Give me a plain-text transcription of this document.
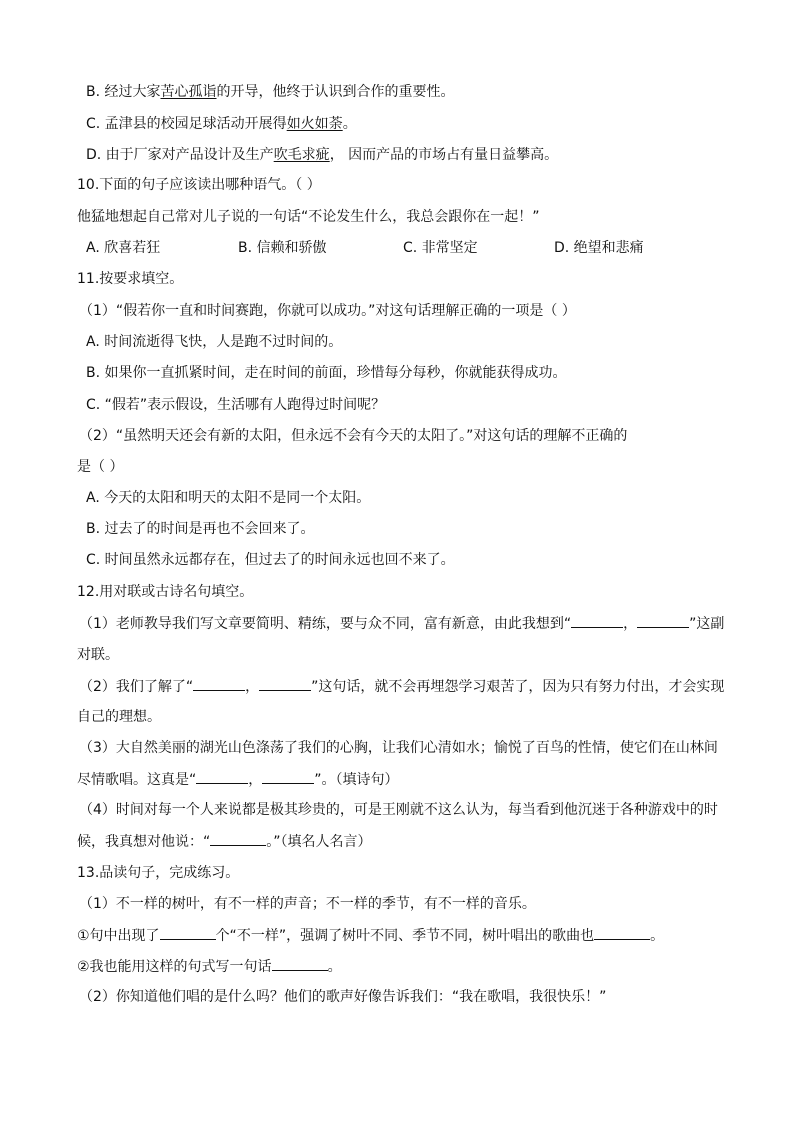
B. 经过大家苦心孤诣的开导，他终于认识到合作的重要性。
C. 孟津县的校园足球活动开展得如火如荼。
D. 由于厂家对产品设计及生产吹毛求疵， 因而产品的市场占有量日益攀高。
10.下面的句子应该读出哪种语气。（ ）
他猛地想起自己常对儿子说的一句话“不论发生什么，我总会跟你在一起！”
A. 欣喜若狂	B. 信赖和骄傲	C. 非常坚定	D. 绝望和悲痛
11.按要求填空。
（1）“假若你一直和时间赛跑，你就可以成功。”对这句话理解正确的一项是（ ）
A. 时间流逝得飞快，人是跑不过时间的。
B. 如果你一直抓紧时间，走在时间的前面，珍惜每分每秒，你就能获得成功。
C. “假若”表示假设，生活哪有人跑得过时间呢？
（2）“虽然明天还会有新的太阳，但永远不会有今天的太阳了。”对这句话的理解不正确的
是（ ）
A. 今天的太阳和明天的太阳不是同一个太阳。
B. 过去了的时间是再也不会回来了。
C. 时间虽然永远都存在，但过去了的时间永远也回不来了。
12.用对联或古诗名句填空。
（1）老师教导我们写文章要简明、精练，要与众不同，富有新意，由此我想到“	，	”这副
对联。
（2）我们了解了“	，	”这句话，就不会再埋怨学习艰苦了，因为只有努力付出，才会实现
自己的理想。
（3）大自然美丽的湖光山色涤荡了我们的心胸，让我们心清如水；愉悦了百鸟的性情，使它们在山林间
尽情歌唱。这真是“	，	”。（填诗句）
（4）时间对每一个人来说都是极其珍贵的，可是王刚就不这么认为，每当看到他沉迷于各种游戏中的时
候，我真想对他说：“	。”（填名人名言）
13.品读句子，完成练习。
（1）不一样的树叶，有不一样的声音；不一样的季节，有不一样的音乐。
①句中出现了	个“不一样”，强调了树叶不同、季节不同，树叶唱出的歌曲也	。
②我也能用这样的句式写一句话	。
（2）你知道他们唱的是什么吗？他们的歌声好像告诉我们：“我在歌唱，我很快乐！”
